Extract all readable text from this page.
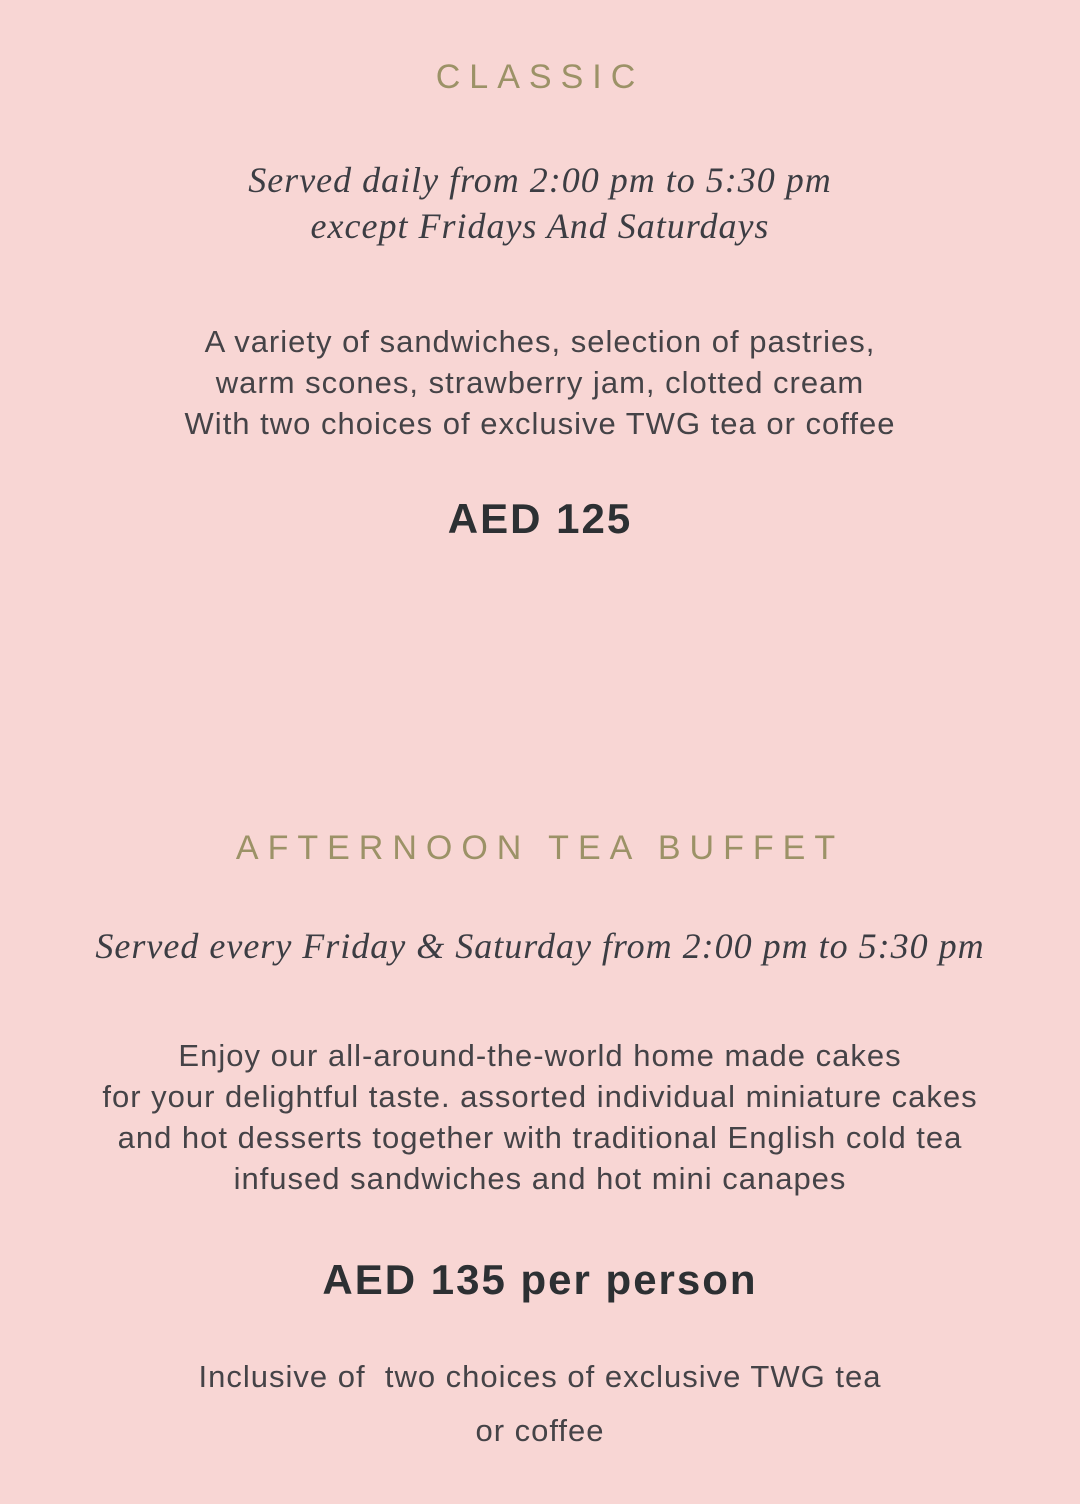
CLASSIC
Served daily from 2:00 pm to 5:30 pm
except Fridays And Saturdays
A variety of sandwiches, selection of pastries,
warm scones, strawberry jam, clotted cream
With two choices of exclusive TWG tea or coffee
AED 125
AFTERNOON TEA BUFFET
Served every Friday & Saturday from 2:00 pm to 5:30 pm
Enjoy our all-around-the-world home made cakes
for your delightful taste. assorted individual miniature cakes
and hot desserts together with traditional English cold tea
infused sandwiches and hot mini canapes
AED 135 per person
Inclusive of  two choices of exclusive TWG tea
or coffee
